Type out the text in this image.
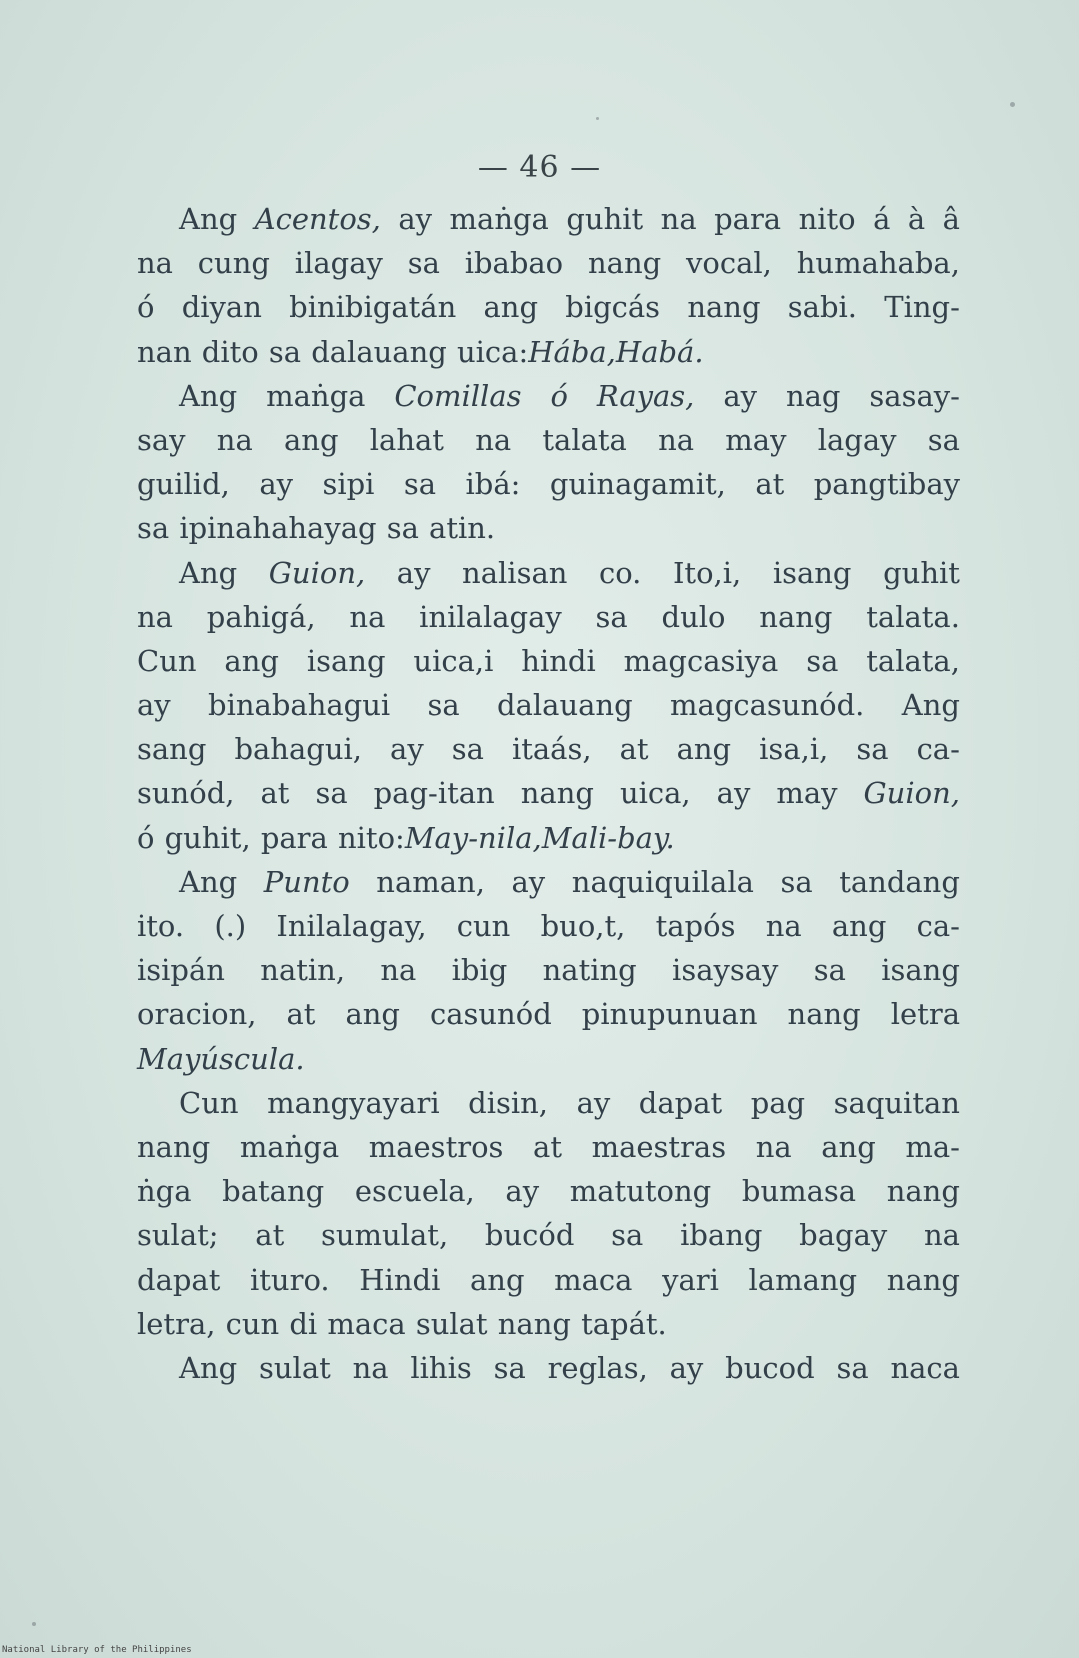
— 46 —
Ang Acentos, ay maṅga guhit na para nito á à â
na cung ilagay sa ibabao nang vocal, humahaba,
ó diyan binibigatán ang bigcás nang sabi. Ting-
nan dito sa dalauang uica: Hába, Habá.
Ang maṅga Comillas ó Rayas, ay nag sasay-
say na ang lahat na talata na may lagay sa
guilid, ay sipi sa ibá: guinagamit, at pangtibay
sa ipinahahayag sa atin.
Ang Guion, ay nalisan co. Ito,i, isang guhit
na pahigá, na inilalagay sa dulo nang talata.
Cun ang isang uica,i hindi magcasiya sa talata,
ay binabahagui sa dalauang magcasunód. Ang
sang bahagui, ay sa itaás, at ang isa,i, sa ca-
sunód, at sa pag-itan nang uica, ay may Guion,
ó guhit, para nito: May-nila, Mali-bay.
Ang Punto naman, ay naquiquilala sa tandang
ito. (.) Inilalagay, cun buo,t, tapós na ang ca-
isipán natin, na ibig nating isaysay sa isang
oracion, at ang casunód pinupunuan nang letra
Mayúscula.
Cun mangyayari disin, ay dapat pag saquitan
nang maṅga maestros at maestras na ang ma-
ṅga batang escuela, ay matutong bumasa nang
sulat; at sumulat, bucód sa ibang bagay na
dapat ituro. Hindi ang maca yari lamang nang
letra, cun di maca sulat nang tapát.
Ang sulat na lihis sa reglas, ay bucod sa naca
National Library of the Philippines
